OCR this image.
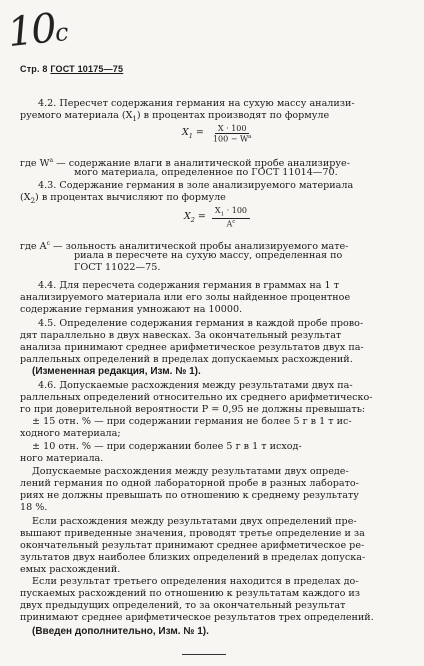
10с
Стр. 8 ГОСТ 10175—75

4.2. Пересчет содержания германия на сухую массу анализи-

руемого материала $(X_1)$ в процентах производят по формуле

$X_1 = \frac{X \cdot 100}{100 - W^а}$

где $W^а$ — содержание влаги в аналитической пробе анализируе-

мого материала, определенное по ГОСТ 11014—70.

4.3. Содержание германия в золе анализируемого материала

$(X_2)$ в процентах вычисляют по формуле

$X_2 = \frac{X_1 \cdot 100}{A^с}$

где $A^с$ — зольность аналитической пробы анализируемого мате-

риала в пересчете на сухую массу, определенная по

ГОСТ 11022—75.

4.4. Для пересчета содержания германия в граммах на 1 т

анализируемого материала или его золы найденное процентное

содержание германия умножают на 10000.

4.5. Определение содержания германия в каждой пробе прово-

дят параллельно в двух навесках. За окончательный результат

анализа принимают среднее арифметическое результатов двух па-

раллельных определений в пределах допускаемых расхождений.

(Измененная редакция, Изм. № 1).

4.6. Допускаемые расхождения между результатами двух па-

раллельных определений относительно их среднего арифметическо-

го при доверительной вероятности P = 0,95 не должны превышать:

± 15 отн. % — при содержании германия не более 5 г в 1 т ис-

ходного материала;

± 10 отн. % — при содержании более 5 г в 1 т исход-

ного материала.

Допускаемые расхождения между результатами двух опреде-

лений германия по одной лабораторной пробе в разных лаборато-

риях не должны превышать по отношению к среднему результату

18 %.

Если расхождения между результатами двух определений пре-

вышают приведенные значения, проводят третье определение и за

окончательный результат принимают среднее арифметическое ре-

зультатов двух наиболее близких определений в пределах допуска-

емых расхождений.

Если результат третьего определения находится в пределах до-

пускаемых расхождений по отношению к результатам каждого из

двух предыдущих определений, то за окончательный результат

принимают среднее арифметическое результатов трех определений.

(Введен дополнительно, Изм. № 1).
